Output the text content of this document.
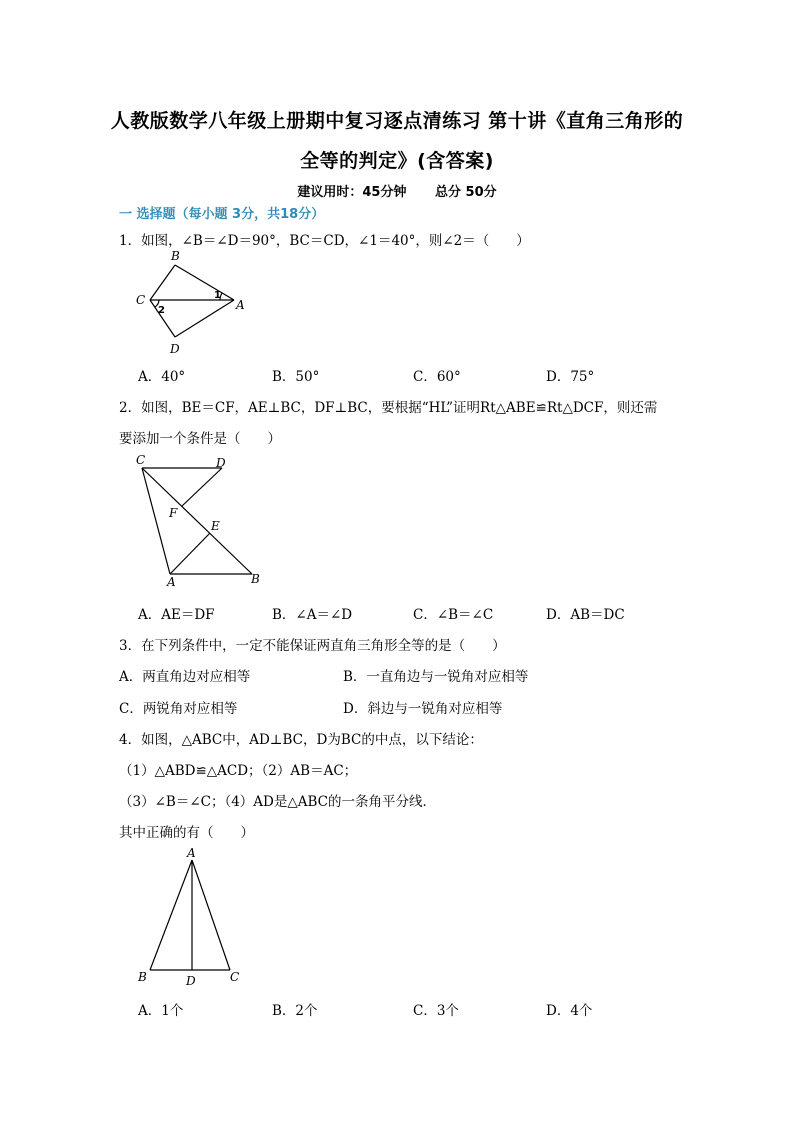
人教版数学八年级上册期中复习逐点清练习 第十讲《直角三角形的
全等的判定》(含答案)
建议用时：45分钟 总分 50分
一 选择题（每小题 3分，共18分）
1．如图，∠B＝∠D＝90°，BC＝CD，∠1＝40°，则∠2＝（　　）
B
C	A
D
1
2
A．40°	B．50°	C．60°	D．75°
2．如图，BE＝CF，AE⊥BC，DF⊥BC，要根据“HL”证明Rt△ABE≌Rt△DCF，则还需
要添加一个条件是（　　）
C	D
F
E
A	B
A．AE＝DF	B．∠A＝∠D	C．∠B＝∠C	D．AB＝DC
3．在下列条件中，一定不能保证两直角三角形全等的是（　　）
A．两直角边对应相等	B．一直角边与一锐角对应相等
C．两锐角对应相等	D．斜边与一锐角对应相等
4．如图，△ABC中，AD⊥BC，D为BC的中点，以下结论：
（1）△ABD≌△ACD；（2）AB＝AC；
（3）∠B＝∠C；（4）AD是△ABC的一条角平分线．
其中正确的有（　　）
A
B	C
D
A．1个	B．2个	C．3个	D．4个
